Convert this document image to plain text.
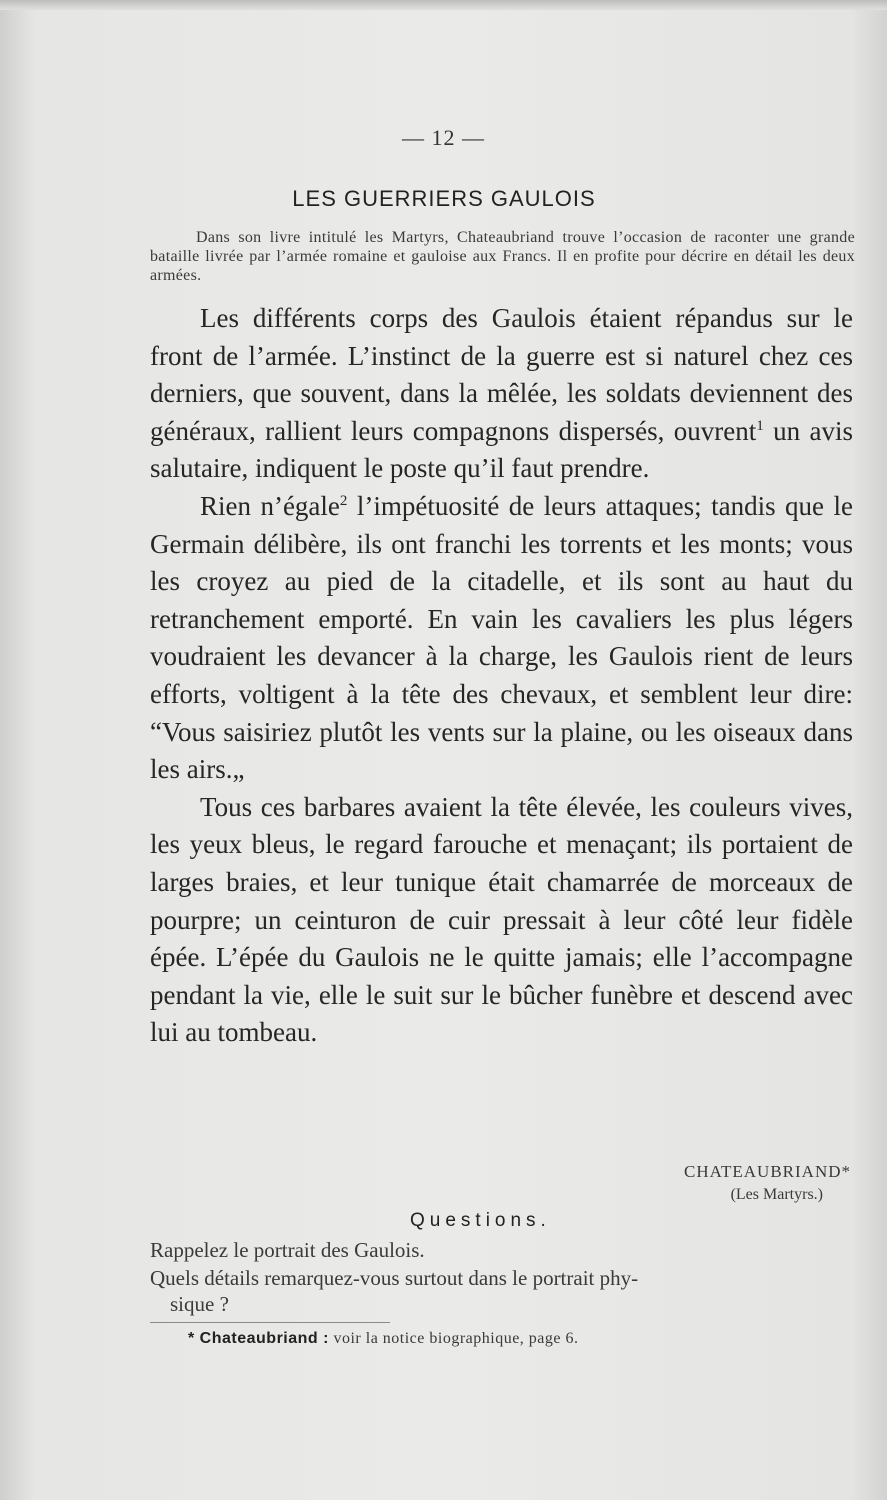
— 12 —
LES GUERRIERS GAULOIS
Dans son livre intitulé les Martyrs, Chateaubriand trouve l’occasion de raconter une grande bataille livrée par l’armée romaine et gauloise aux Francs. Il en profite pour décrire en détail les deux armées.

Les différents corps des Gaulois étaient répandus sur le front de l’armée. L’instinct de la guerre est si naturel chez ces derniers, que souvent, dans la mêlée, les soldats deviennent des généraux, rallient leurs compagnons dispersés, ouvrent$^1$ un avis salutaire, indiquent le poste qu’il faut prendre.

Rien n’égale$^2$ l’impétuosité de leurs attaques; tandis que le Germain délibère, ils ont franchi les torrents et les monts; vous les croyez au pied de la citadelle, et ils sont au haut du retranchement emporté. En vain les cavaliers les plus légers voudraient les devancer à la charge, les Gaulois rient de leurs efforts, voltigent à la tête des chevaux, et semblent leur dire: “Vous saisiriez plutôt les vents sur la plaine, ou les oiseaux dans les airs.„

Tous ces barbares avaient la tête élevée, les couleurs vives, les yeux bleus, le regard farouche et menaçant; ils portaient de larges braies, et leur tunique était chamarrée de morceaux de pourpre; un ceinturon de cuir pressait à leur côté leur fidèle épée. L’épée du Gaulois ne le quitte jamais; elle l’accompagne pendant la vie, elle le suit sur le bûcher funèbre et descend avec lui au tombeau.

CHATEAUBRIAND*
(Les Martyrs.)
Questions.
Rappelez le portrait des Gaulois.
Quels détails remarquez-vous surtout dans le portrait phy-
sique ?
* Chateaubriand : voir la notice biographique, page 6.
